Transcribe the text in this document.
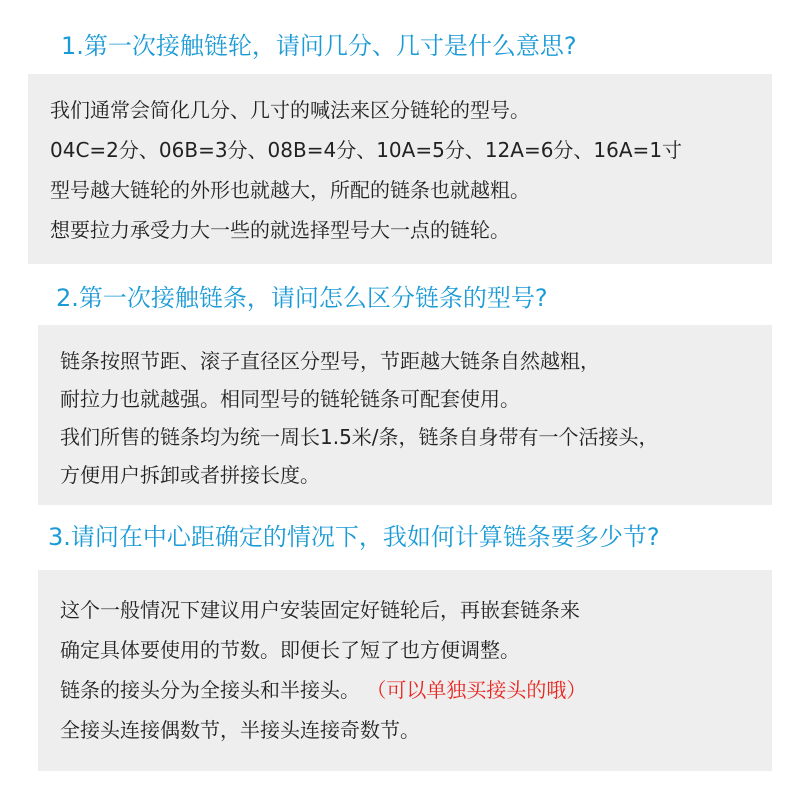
1.第一次接触链轮，请问几分、几寸是什么意思?

我们通常会简化几分、几寸的喊法来区分链轮的型号。

04C=2分、06B=3分、08B=4分、10A=5分、12A=6分、16A=1寸

型号越大链轮的外形也就越大，所配的链条也就越粗。

想要拉力承受力大一些的就选择型号大一点的链轮。

2.第一次接触链条，请问怎么区分链条的型号?

链条按照节距、滚子直径区分型号，节距越大链条自然越粗，

耐拉力也就越强。相同型号的链轮链条可配套使用。

我们所售的链条均为统一周长1.5米/条，链条自身带有一个活接头，

方便用户拆卸或者拼接长度。

3.请问在中心距确定的情况下，我如何计算链条要多少节?

这个一般情况下建议用户安装固定好链轮后，再嵌套链条来

确定具体要使用的节数。即便长了短了也方便调整。

链条的接头分为全接头和半接头。 （可以单独买接头的哦）

全接头连接偶数节，半接头连接奇数节。
